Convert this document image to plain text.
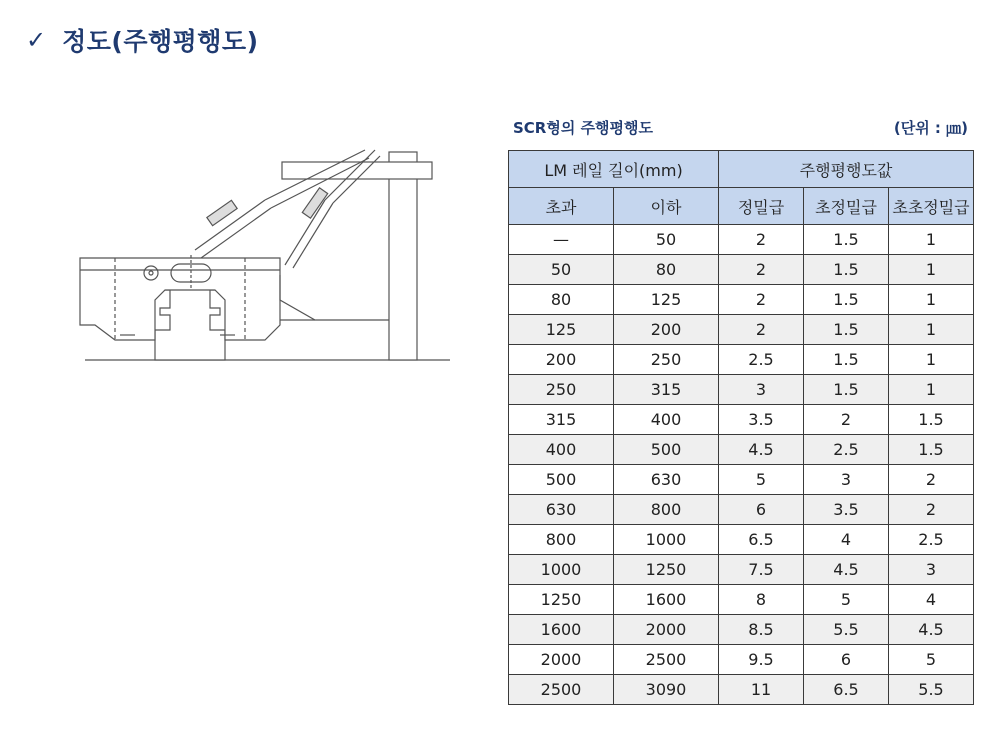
✓ 정도(주행평행도)
SCR형의 주행평행도	(단위 : ㎛)
LM 레일 길이(mm)		주행평행도값		
초과	이하	정밀급	초정밀급	초초정밀급
—	50	2	1.5	1
50	80	2	1.5	1
80	125	2	1.5	1
125	200	2	1.5	1
200	250	2.5	1.5	1
250	315	3	1.5	1
315	400	3.5	2	1.5
400	500	4.5	2.5	1.5
500	630	5	3	2
630	800	6	3.5	2
800	1000	6.5	4	2.5
1000	1250	7.5	4.5	3
1250	1600	8	5	4
1600	2000	8.5	5.5	4.5
2000	2500	9.5	6	5
2500	3090	11	6.5	5.5
